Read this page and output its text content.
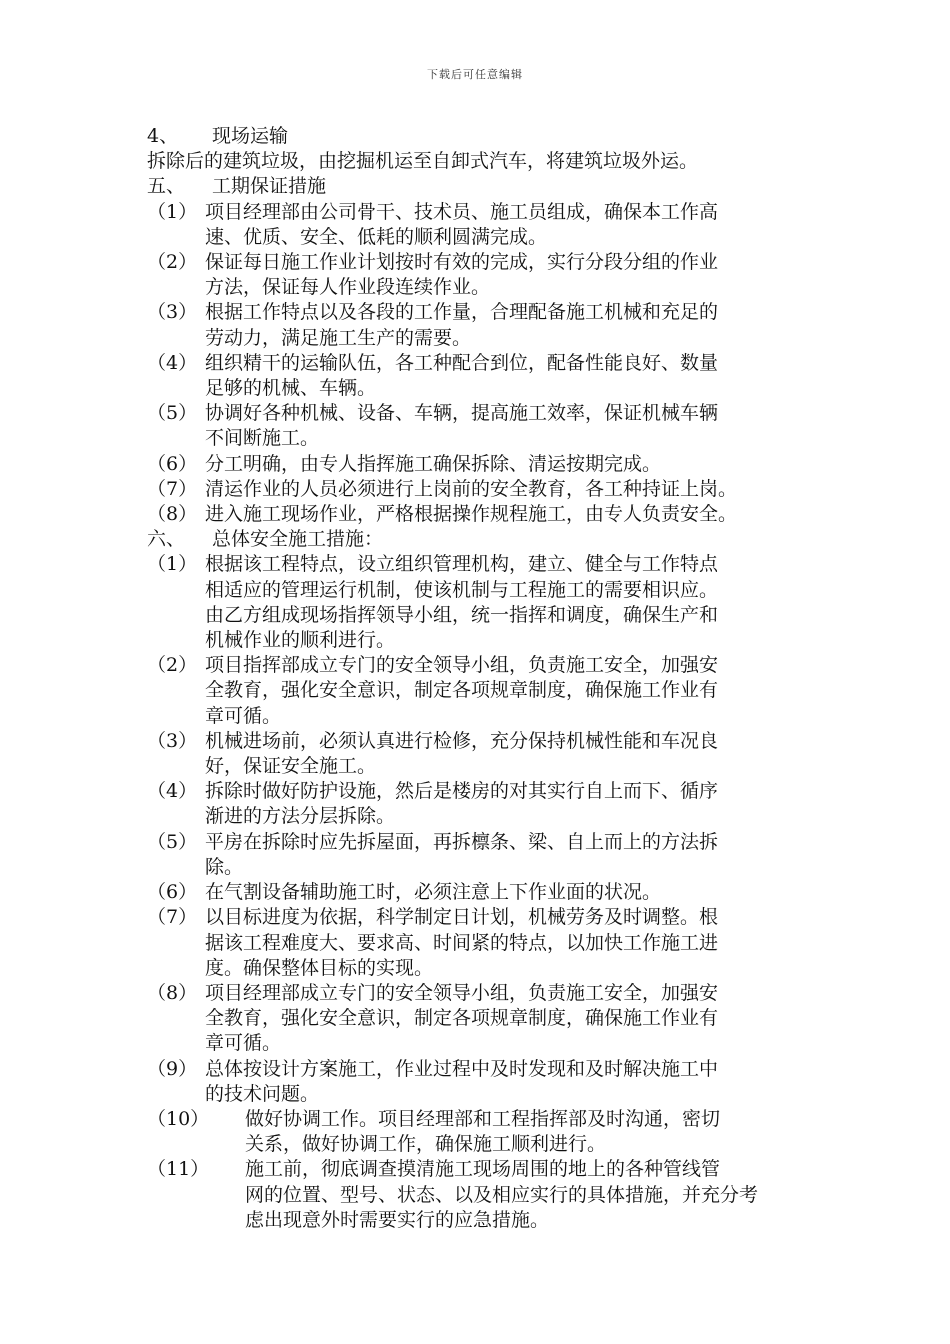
下载后可任意编辑
4、	现场运输
拆除后的建筑垃圾，由挖掘机运至自卸式汽车，将建筑垃圾外运。
五、	工期保证措施
（1） 项目经理部由公司骨干、技术员、施工员组成，确保本工作高
速、优质、安全、低耗的顺利圆满完成。
（2） 保证每日施工作业计划按时有效的完成，实行分段分组的作业
方法，保证每人作业段连续作业。
（3） 根据工作特点以及各段的工作量，合理配备施工机械和充足的
劳动力，满足施工生产的需要。
（4） 组织精干的运输队伍，各工种配合到位，配备性能良好、数量
足够的机械、车辆。
（5） 协调好各种机械、设备、车辆，提高施工效率，保证机械车辆
不间断施工。
（6） 分工明确，由专人指挥施工确保拆除、清运按期完成。
（7） 清运作业的人员必须进行上岗前的安全教育，各工种持证上岗。
（8） 进入施工现场作业，严格根据操作规程施工，由专人负责安全。
六、	总体安全施工措施：
（1） 根据该工程特点，设立组织管理机构，建立、健全与工作特点
相适应的管理运行机制，使该机制与工程施工的需要相识应。
由乙方组成现场指挥领导小组，统一指挥和调度，确保生产和
机械作业的顺利进行。
（2） 项目指挥部成立专门的安全领导小组，负责施工安全，加强安
全教育，强化安全意识，制定各项规章制度，确保施工作业有
章可循。
（3） 机械进场前，必须认真进行检修，充分保持机械性能和车况良
好，保证安全施工。
（4） 拆除时做好防护设施，然后是楼房的对其实行自上而下、循序
渐进的方法分层拆除。
（5） 平房在拆除时应先拆屋面，再拆檩条、梁、自上而上的方法拆
除。
（6） 在气割设备辅助施工时，必须注意上下作业面的状况。
（7） 以目标进度为依据，科学制定日计划，机械劳务及时调整。根
据该工程难度大、要求高、时间紧的特点，以加快工作施工进
度。确保整体目标的实现。
（8） 项目经理部成立专门的安全领导小组，负责施工安全，加强安
全教育，强化安全意识，制定各项规章制度，确保施工作业有
章可循。
（9） 总体按设计方案施工，作业过程中及时发现和及时解决施工中
的技术问题。
（10）	做好协调工作。项目经理部和工程指挥部及时沟通，密切
关系，做好协调工作，确保施工顺利进行。
（11）	施工前，彻底调查摸清施工现场周围的地上的各种管线管
网的位置、型号、状态、以及相应实行的具体措施，并充分考
虑出现意外时需要实行的应急措施。
